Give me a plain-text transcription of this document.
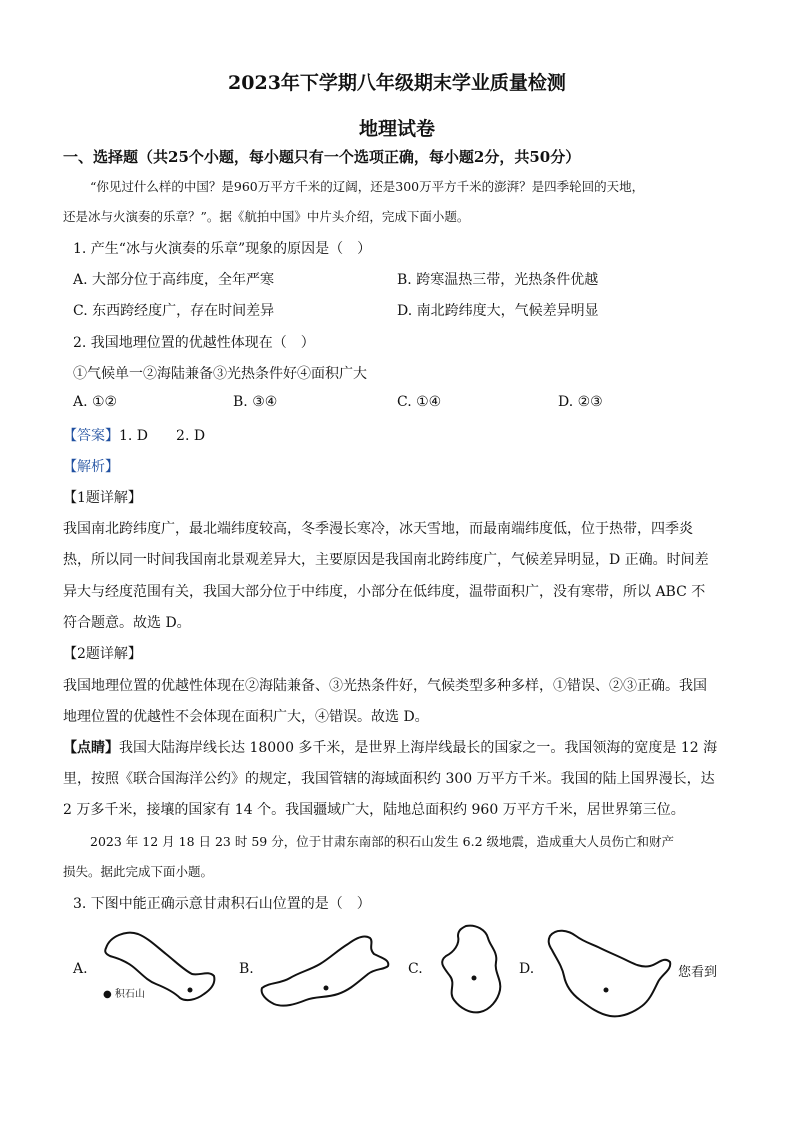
2023年下学期八年级期末学业质量检测
地理试卷
一、选择题（共25个小题，每小题只有一个选项正确，每小题2分，共50分）
“你见过什么样的中国？是960万平方千米的辽阔，还是300万平方千米的澎湃？是四季轮回的天地，
还是冰与火演奏的乐章？”。据《航拍中国》中片头介绍，完成下面小题。
1. 产生“冰与火演奏的乐章”现象的原因是（　）
A. 大部分位于高纬度，全年严寒	B. 跨寒温热三带，光热条件优越
C. 东西跨经度广，存在时间差异	D. 南北跨纬度大，气候差异明显
2. 我国地理位置的优越性体现在（　）
①气候单一②海陆兼备③光热条件好④面积广大
A. ①②	B. ③④	C. ①④	D. ②③
【答案】1. D　　2. D
【解析】
【1题详解】
我国南北跨纬度广，最北端纬度较高，冬季漫长寒冷，冰天雪地，而最南端纬度低，位于热带，四季炎
热，所以同一时间我国南北景观差异大，主要原因是我国南北跨纬度广，气候差异明显，D 正确。时间差
异大与经度范围有关，我国大部分位于中纬度，小部分在低纬度，温带面积广，没有寒带，所以 ABC 不
符合题意。故选 D。
【2题详解】
我国地理位置的优越性体现在②海陆兼备、③光热条件好，气候类型多种多样，①错误、②③正确。我国
地理位置的优越性不会体现在面积广大，④错误。故选 D。
【点睛】我国大陆海岸线长达 18000 多千米，是世界上海岸线最长的国家之一。我国领海的宽度是 12 海
里，按照《联合国海洋公约》的规定，我国管辖的海域面积约 300 万平方千米。我国的陆上国界漫长，达
2 万多千米，接壤的国家有 14 个。我国疆域广大，陆地总面积约 960 万平方千米，居世界第三位。
2023 年 12 月 18 日 23 时 59 分，位于甘肃东南部的积石山发生 6.2 级地震，造成重大人员伤亡和财产
损失。据此完成下面小题。
3. 下图中能正确示意甘肃积石山位置的是（　）
A.	B.	C.	D.
● 积石山
您看到
